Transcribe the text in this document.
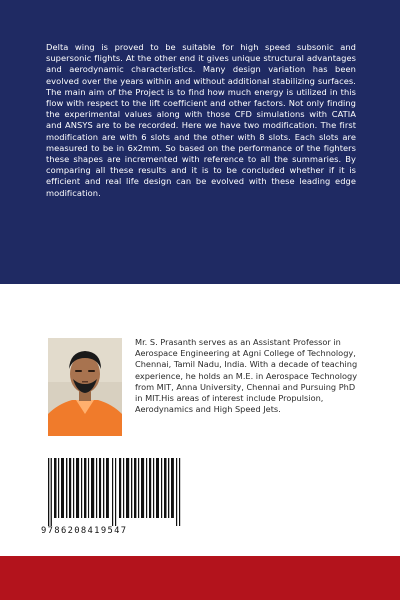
Delta wing is proved to be suitable for high speed subsonic and supersonic flights. At the other end it gives unique structural advantages and aerodynamic characteristics. Many design variation has been evolved over the years within and without additional stabilizing surfaces. The main aim of the Project is to find how much energy is utilized in this flow with respect to the lift coefficient and other factors. Not only finding the experimental values along with those CFD simulations with CATIA and ANSYS are to be recorded. Here we have two modification. The first modification are with 6 slots and the other with 8 slots. Each slots are measured to be in 6x2mm. So based on the performance of the fighters these shapes are incremented with reference to all the summaries. By comparing all these results and it is to be concluded whether if it is efficient and real life design can be evolved with these leading edge modification.

Mr. S. Prasanth serves as an Assistant Professor in Aerospace Engineering at Agni College of Technology, Chennai, Tamil Nadu, India. With a decade of teaching experience, he holds an M.E. in Aerospace Technology from MIT, Anna University, Chennai and Pursuing PhD in MIT.His areas of interest include Propulsion, Aerodynamics and High Speed Jets.

9786208419547
